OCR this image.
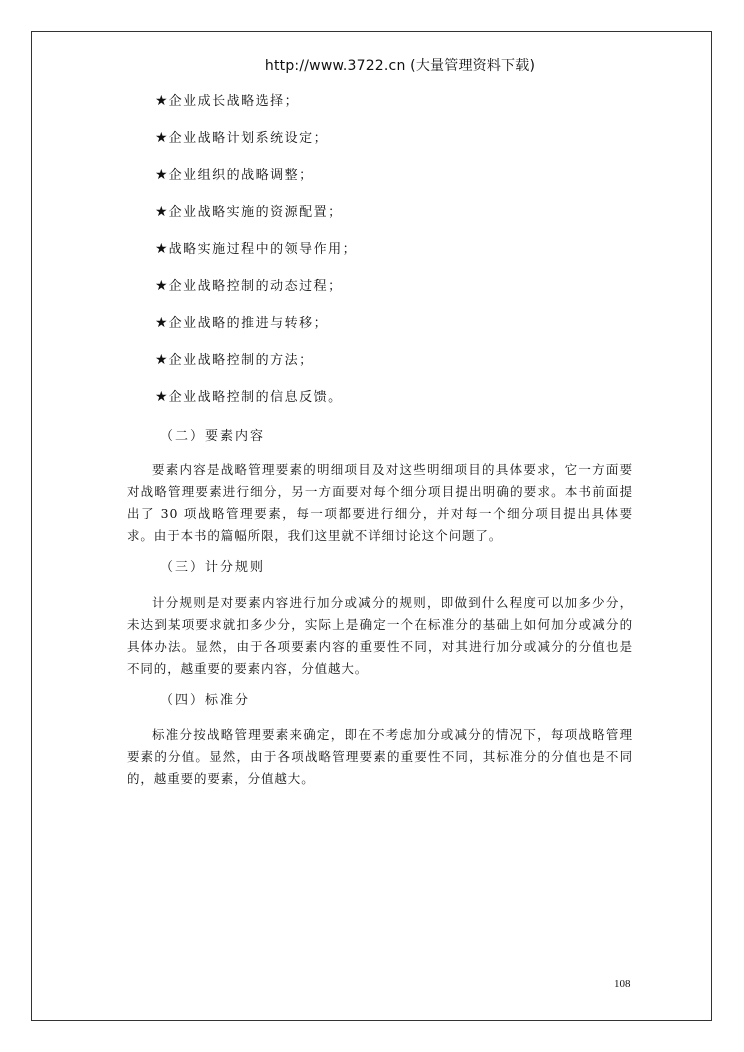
http://www.3722.cn (大量管理资料下载)
★企业成长战略选择；
★企业战略计划系统设定；
★企业组织的战略调整；
★企业战略实施的资源配置；
★战略实施过程中的领导作用；
★企业战略控制的动态过程；
★企业战略的推进与转移；
★企业战略控制的方法；
★企业战略控制的信息反馈。
（二）要素内容

要素内容是战略管理要素的明细项目及对这些明细项目的具体要求，它一方面要对战略管理要素进行细分，另一方面要对每个细分项目提出明确的要求。本书前面提出了 30 项战略管理要素，每一项都要进行细分，并对每一个细分项目提出具体要求。由于本书的篇幅所限，我们这里就不详细讨论这个问题了。

（三）计分规则

计分规则是对要素内容进行加分或减分的规则，即做到什么程度可以加多少分，未达到某项要求就扣多少分，实际上是确定一个在标准分的基础上如何加分或减分的具体办法。显然，由于各项要素内容的重要性不同，对其进行加分或减分的分值也是不同的，越重要的要素内容，分值越大。

（四）标准分

标准分按战略管理要素来确定，即在不考虑加分或减分的情况下，每项战略管理要素的分值。显然，由于各项战略管理要素的重要性不同，其标准分的分值也是不同的，越重要的要素，分值越大。

108
